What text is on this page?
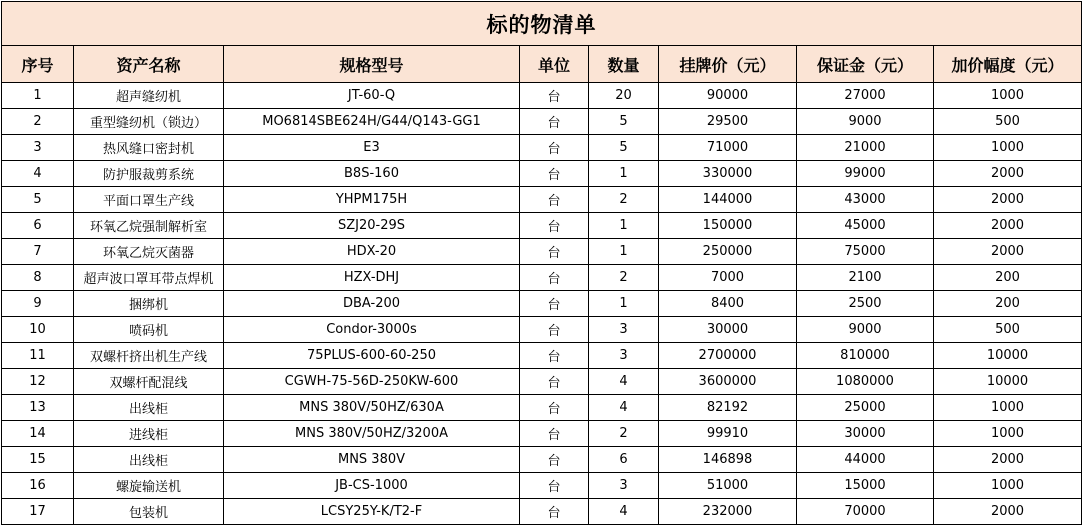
标的物清单							
序号	资产名称	规格型号	单位	数量	挂牌价（元）	保证金（元）	加价幅度（元）
1	超声缝纫机	JT-60-Q	台	20	90000	27000	1000
2	重型缝纫机（锁边）	MO6814SBE624H/G44/Q143-GG1	台	5	29500	9000	500
3	热风缝口密封机	E3	台	5	71000	21000	1000
4	防护服裁剪系统	B8S-160	台	1	330000	99000	2000
5	平面口罩生产线	YHPM175H	台	2	144000	43000	2000
6	环氧乙烷强制解析室	SZJ20-29S	台	1	150000	45000	2000
7	环氧乙烷灭菌器	HDX-20	台	1	250000	75000	2000
8	超声波口罩耳带点焊机	HZX-DHJ	台	2	7000	2100	200
9	捆绑机	DBA-200	台	1	8400	2500	200
10	喷码机	Condor-3000s	台	3	30000	9000	500
11	双螺杆挤出机生产线	75PLUS-600-60-250	台	3	2700000	810000	10000
12	双螺杆配混线	CGWH-75-56D-250KW-600	台	4	3600000	1080000	10000
13	出线柜	MNS 380V/50HZ/630A	台	4	82192	25000	1000
14	进线柜	MNS 380V/50HZ/3200A	台	2	99910	30000	1000
15	出线柜	MNS 380V	台	6	146898	44000	2000
16	螺旋输送机	JB-CS-1000	台	3	51000	15000	1000
17	包装机	LCSY25Y-K/T2-F	台	4	232000	70000	2000
